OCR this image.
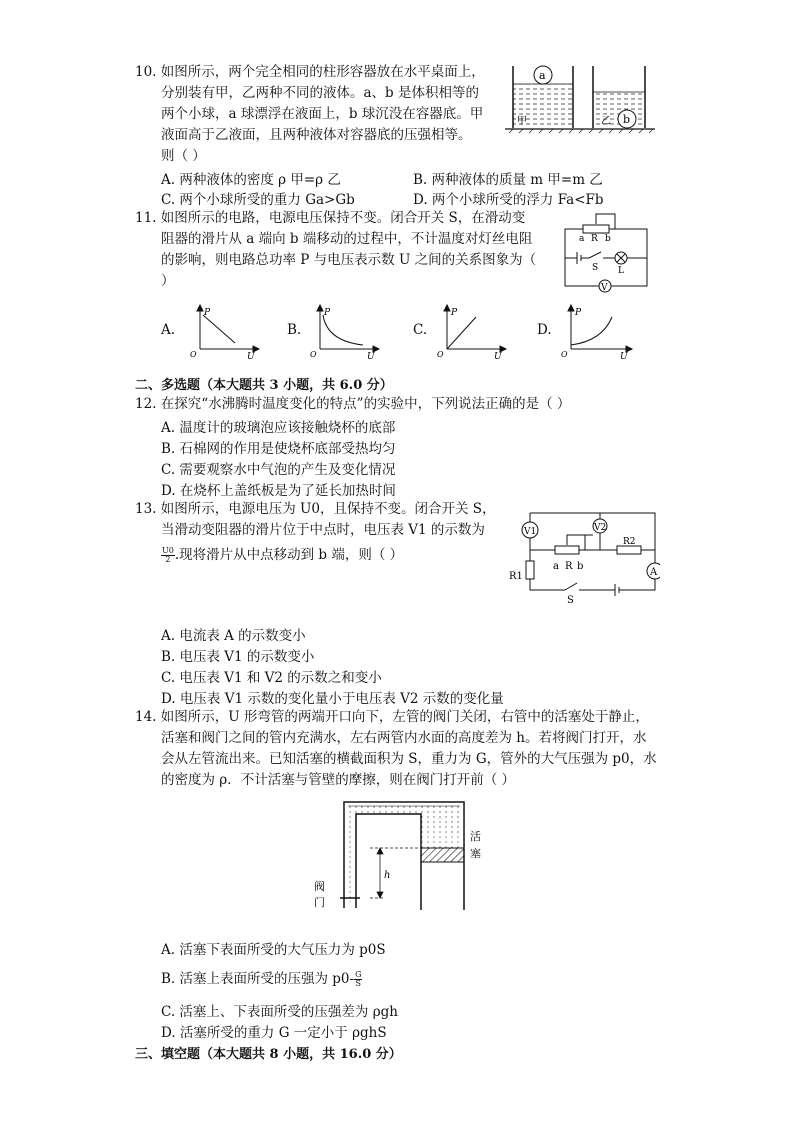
10. 如图所示，两个完全相同的柱形容器放在水平桌面上，
分别装有甲，乙两种不同的液体。a、b 是体积相等的
两个小球，a 球漂浮在液面上，b 球沉没在容器底。甲
液面高于乙液面，且两种液体对容器底的压强相等。
则（ ）
A. 两种液体的密度 ρ 甲=ρ 乙	B. 两种液体的质量 m 甲=m 乙
C. 两个小球所受的重力 Ga>Gb	D. 两个小球所受的浮力 Fa<Fb
a
甲	b
乙
11. 如图所示的电路，电源电压保持不变。闭合开关 S，在滑动变
阻器的滑片从 a 端向 b 端移动的过程中，不计温度对灯丝电阻
的影响，则电路总功率 P 与电压表示数 U 之间的关系图象为（
）
a R b
S L
V
A.
P
O	U
B.
P
O	U
C.
P
O	U
D.
P
O	U
二、多选题（本大题共 3 小题，共 6.0 分）
12. 在探究“水沸腾时温度变化的特点”的实验中，下列说法正确的是（ ）
A. 温度计的玻璃泡应该接触烧杯的底部
B. 石棉网的作用是使烧杯底部受热均匀
C. 需要观察水中气泡的产生及变化情况
D. 在烧杯上盖纸板是为了延长加热时间
13. 如图所示，电源电压为 U0，且保持不变。闭合开关 S，
当滑动变阻器的滑片位于中点时，电压表 V1 的示数为
$\frac{U0}{2}$ .现将滑片从中点移动到 b 端，则（ ）
V1	V2
R2
a R b
R1	A
S
A. 电流表 A 的示数变小
B. 电压表 V1 的示数变小
C. 电压表 V1 和 V2 的示数之和变小
D. 电压表 V1 示数的变化量小于电压表 V2 示数的变化量
14. 如图所示，U 形弯管的两端开口向下，左管的阀门关闭，右管中的活塞处于静止，
活塞和阀门之间的管内充满水，左右两管内水面的高度差为 h。若将阀门打开，水
会从左管流出来。已知活塞的横截面积为 S，重力为 G，管外的大气压强为 p0，水
的密度为 ρ．不计活塞与管壁的摩擦，则在阀门打开前（ ）
h
活
塞
阀
门
A. 活塞下表面所受的大气压力为 p0S
B. 活塞上表面所受的压强为 $p0- \frac{G}{S}$
C. 活塞上、下表面所受的压强差为 ρgh
D. 活塞所受的重力 G 一定小于 ρghS
三、填空题（本大题共 8 小题，共 16.0 分）
